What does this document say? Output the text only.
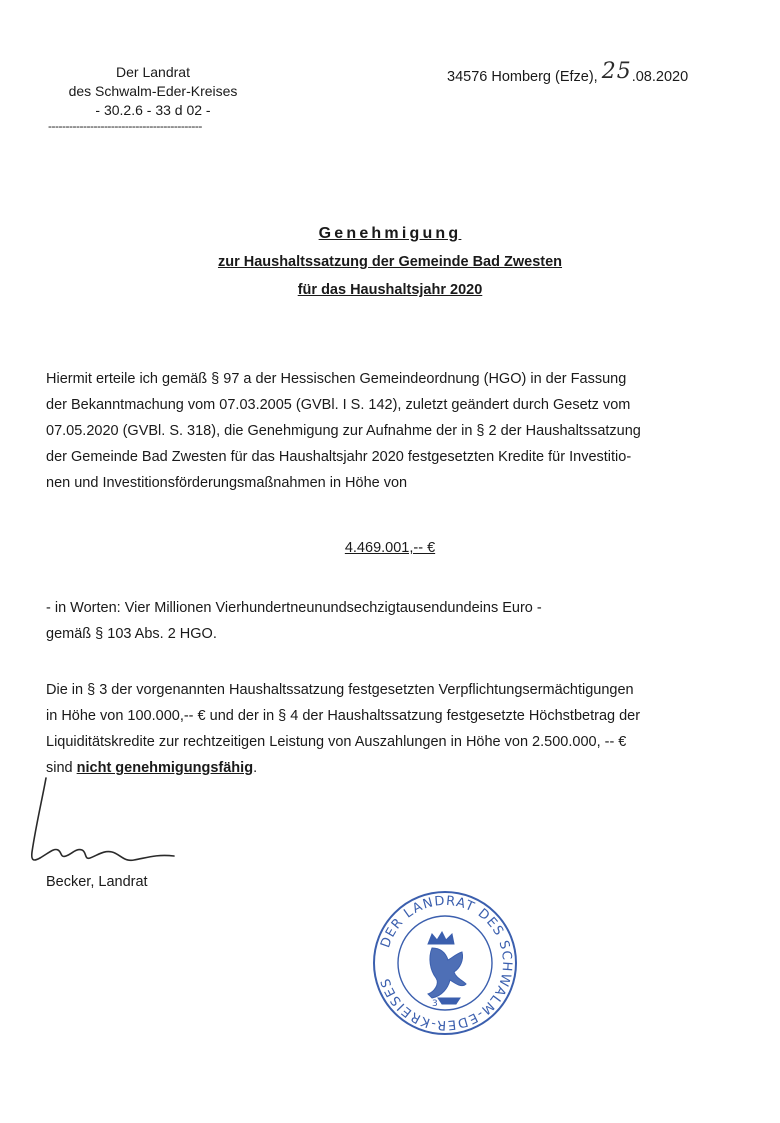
Der Landrat
des Schwalm-Eder-Kreises
- 30.2.6 - 33 d 02 -
--------------------------------------------
34576 Homberg (Efze), 25.08.2020
Genehmigung
zur Haushaltssatzung der Gemeinde Bad Zwesten
für das Haushaltsjahr 2020
Hiermit erteile ich gemäß § 97 a der Hessischen Gemeindeordnung (HGO) in der Fassung
der Bekanntmachung vom 07.03.2005 (GVBl. I S. 142), zuletzt geändert durch Gesetz vom
07.05.2020 (GVBl. S. 318), die Genehmigung zur Aufnahme der in § 2 der Haushaltssatzung
der Gemeinde Bad Zwesten für das Haushaltsjahr 2020 festgesetzten Kredite für Investitio-
nen und Investitionsförderungsmaßnahmen in Höhe von
4.469.001,-- €
- in Worten: Vier Millionen Vierhundertneunundsechzigtausendundeins Euro -
gemäß § 103 Abs. 2 HGO.
Die in § 3 der vorgenannten Haushaltssatzung festgesetzten Verpflichtungsermächtigungen
in Höhe von 100.000,-- € und der in § 4 der Haushaltssatzung festgesetzte Höchstbetrag der
Liquiditätskredite zur rechtzeitigen Leistung von Auszahlungen in Höhe von 2.500.000, -- €
sind nicht genehmigungsfähig.
Becker, Landrat
DER LANDRAT DES SCHWALM-EDER-KREISES
3
